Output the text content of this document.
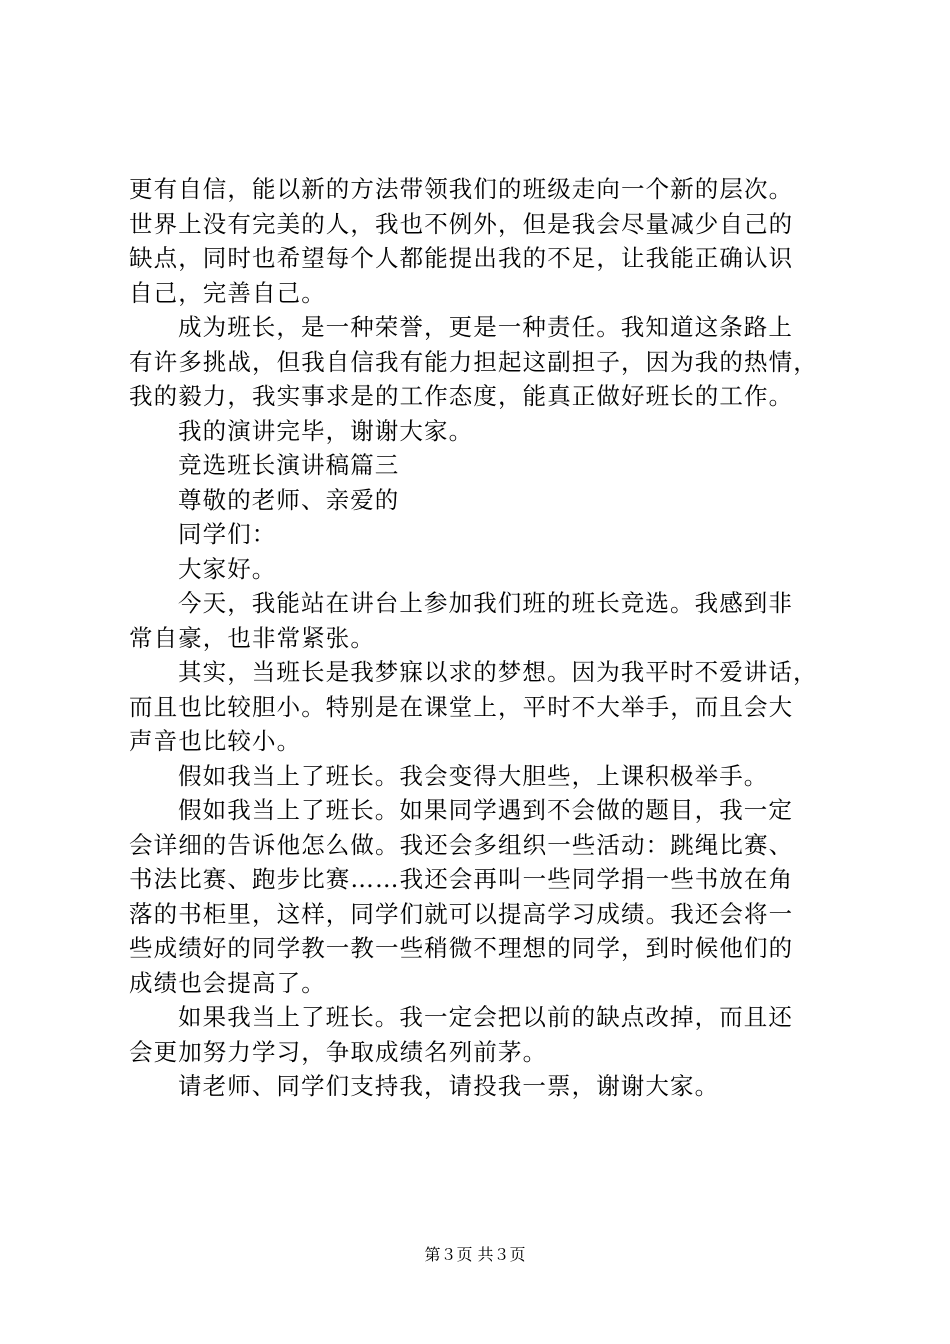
更有自信，能以新的方法带领我们的班级走向一个新的层次。
世界上没有完美的人，我也不例外，但是我会尽量减少自己的
缺点，同时也希望每个人都能提出我的不足，让我能正确认识
自己，完善自己。
成为班长，是一种荣誉，更是一种责任。我知道这条路上
有许多挑战，但我自信我有能力担起这副担子，因为我的热情，
我的毅力，我实事求是的工作态度，能真正做好班长的工作。
我的演讲完毕，谢谢大家。
竞选班长演讲稿篇三
尊敬的老师、亲爱的
同学们：
大家好。
今天，我能站在讲台上参加我们班的班长竞选。我感到非
常自豪，也非常紧张。
其实，当班长是我梦寐以求的梦想。因为我平时不爱讲话，
而且也比较胆小。特别是在课堂上，平时不大举手，而且会大
声音也比较小。
假如我当上了班长。我会变得大胆些，上课积极举手。
假如我当上了班长。如果同学遇到不会做的题目，我一定
会详细的告诉他怎么做。我还会多组织一些活动：跳绳比赛、
书法比赛、跑步比赛……我还会再叫一些同学捐一些书放在角
落的书柜里，这样，同学们就可以提高学习成绩。我还会将一
些成绩好的同学教一教一些稍微不理想的同学，到时候他们的
成绩也会提高了。
如果我当上了班长。我一定会把以前的缺点改掉，而且还
会更加努力学习，争取成绩名列前茅。
请老师、同学们支持我，请投我一票，谢谢大家。
第３页 共３页
